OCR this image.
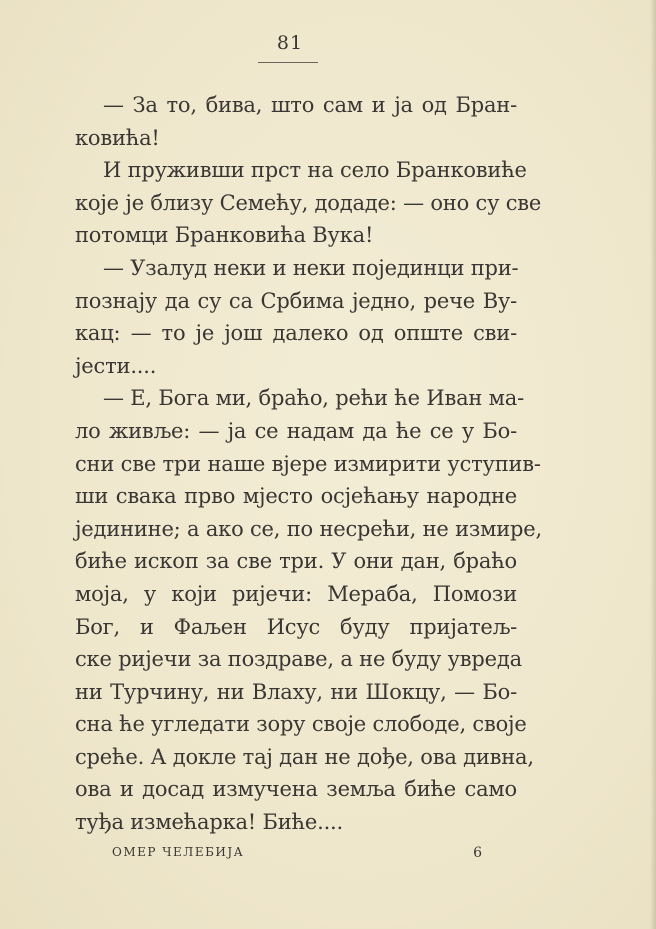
81
— За то, бива, што сам и ја од Бран-
ковића!
И пруживши прст на село Бранковиће
које је близу Семећу, додаде: — оно су све
потомци Бранковића Вука!
— Узалуд неки и неки појединци при-
познају да су са Србима једно, рече Ву-
кац: — то је још далеко од опште сви-
јести....
— Е, Бога ми, браћо, рећи ће Иван ма-
ло живље: — ја се надам да ће се у Бо-
сни све три наше вјере измирити уступив-
ши свака прво мјесто осјећању народне
јединине; а ако се, по несрећи, не измире,
биће ископ за све три. У они дан, браћо
моја, у који ријечи: Мераба, Помози
Бог, и Фаљен Исус буду пријатељ-
ске ријечи за поздраве, а не буду увреда
ни Турчину, ни Влаху, ни Шокцу, — Бо-
сна ће угледати зору своје слободе, своје
среће. А докле тај дан не дође, ова дивна,
ова и досад измучена земља биће само
туђа измећарка! Биће....
ОМЕР ЧЕЛЕБИЈА	6
